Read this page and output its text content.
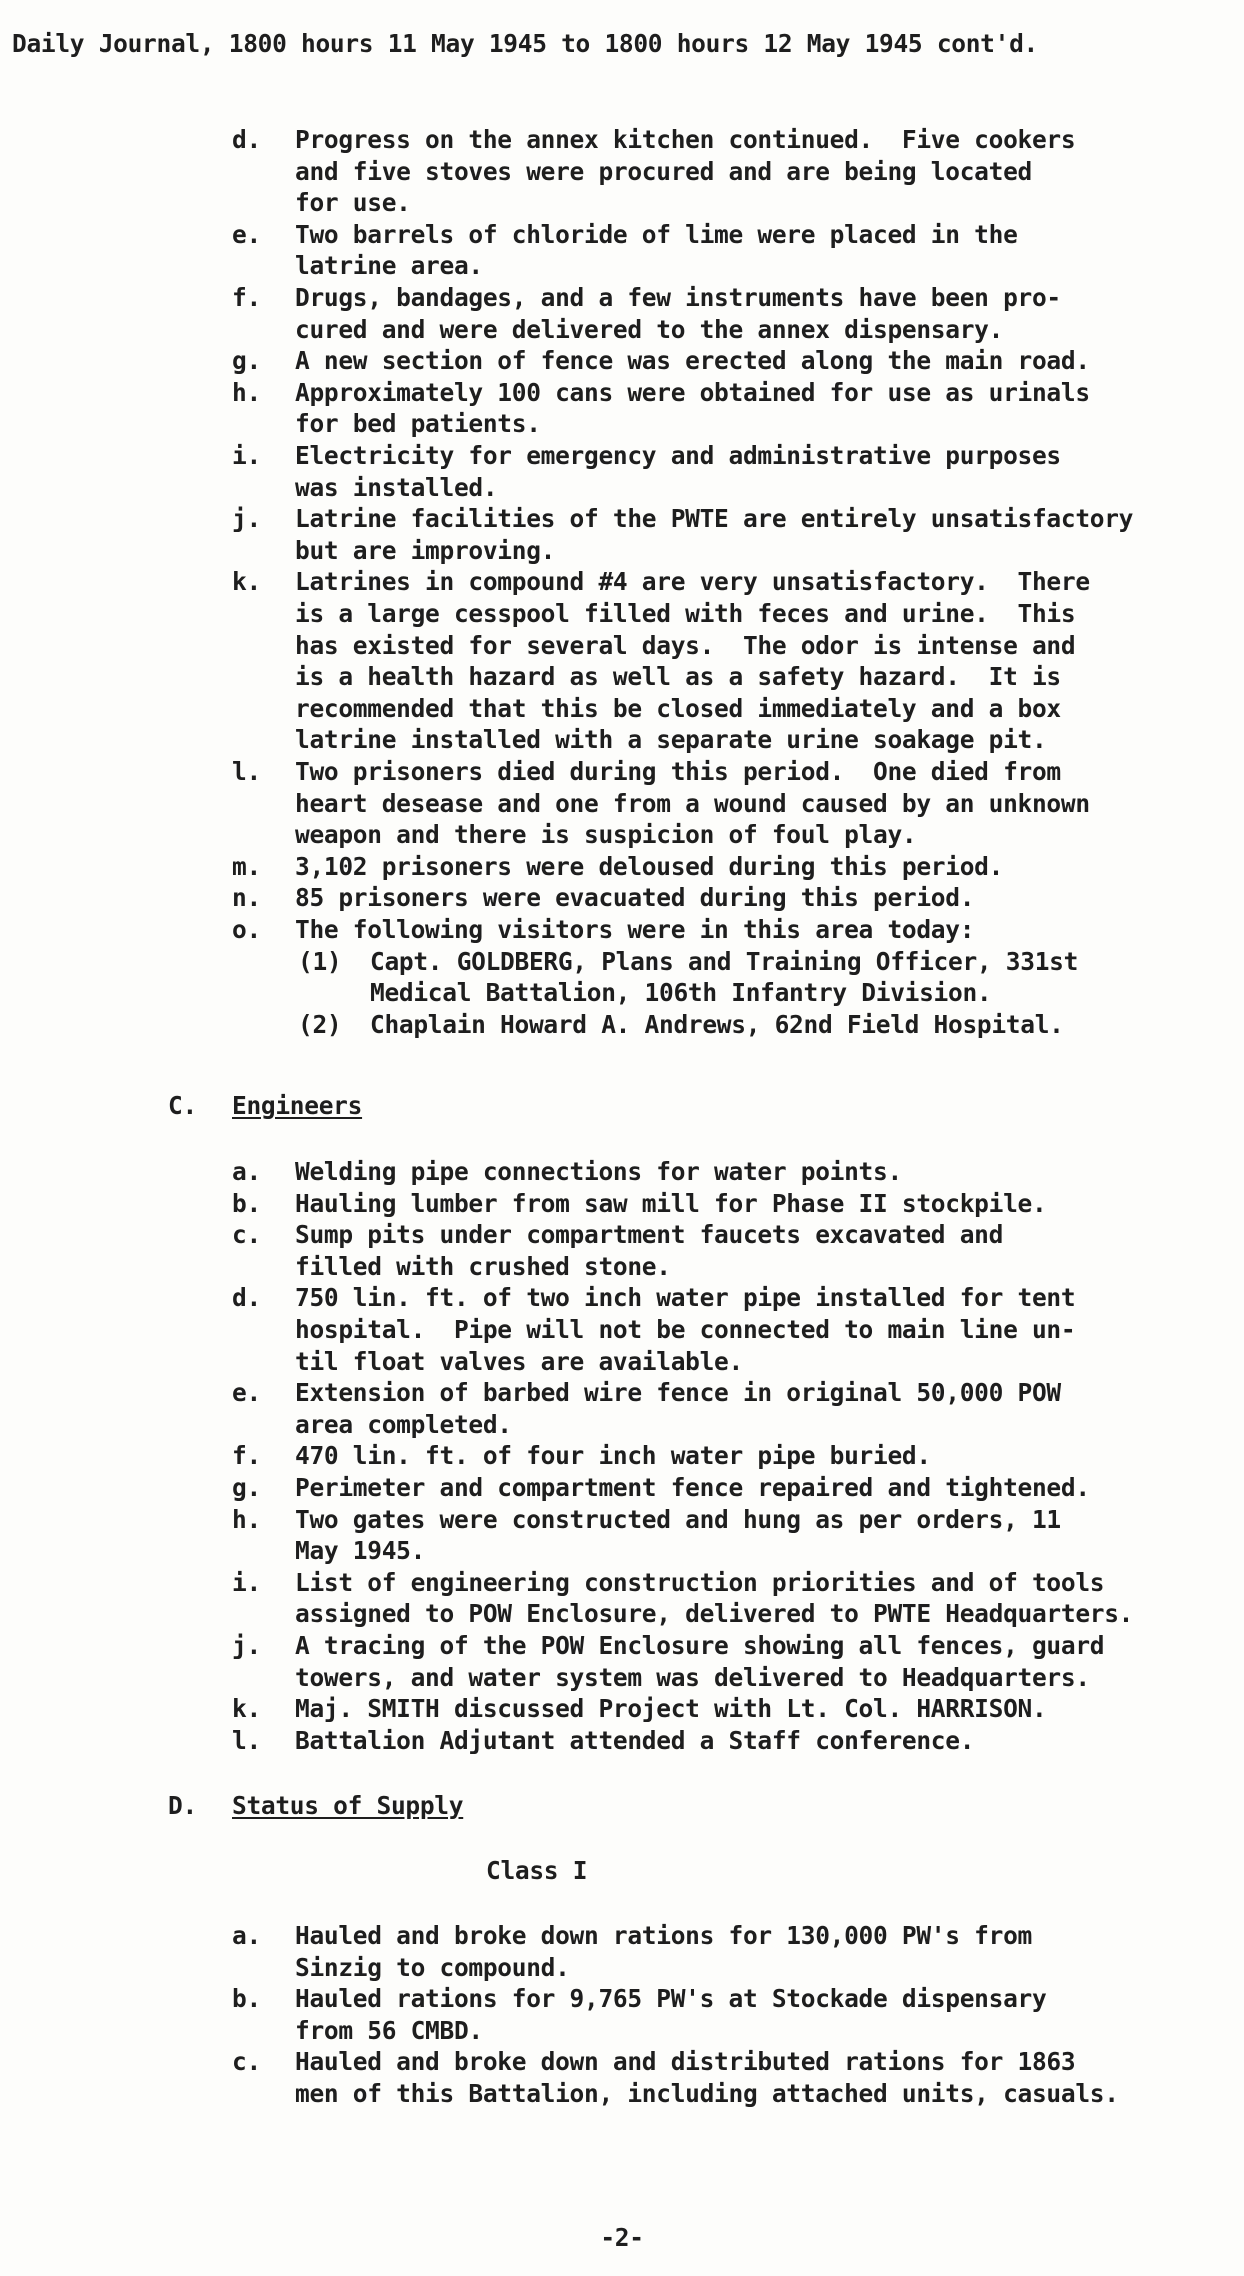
Daily Journal, 1800 hours 11 May 1945 to 1800 hours 12 May 1945 cont'd.
d. Progress on the annex kitchen continued.  Five cookers
and five stoves were procured and are being located
for use.
e. Two barrels of chloride of lime were placed in the
latrine area.
f. Drugs, bandages, and a few instruments have been pro-
cured and were delivered to the annex dispensary.
g. A new section of fence was erected along the main road.
h. Approximately 100 cans were obtained for use as urinals
for bed patients.
i. Electricity for emergency and administrative purposes
was installed.
j. Latrine facilities of the PWTE are entirely unsatisfactory
but are improving.
k. Latrines in compound #4 are very unsatisfactory.  There
is a large cesspool filled with feces and urine.  This
has existed for several days.  The odor is intense and
is a health hazard as well as a safety hazard.  It is
recommended that this be closed immediately and a box
latrine installed with a separate urine soakage pit.
l. Two prisoners died during this period.  One died from
heart desease and one from a wound caused by an unknown
weapon and there is suspicion of foul play.
m. 3,102 prisoners were deloused during this period.
n. 85 prisoners were evacuated during this period.
o. The following visitors were in this area today:
(1) Capt. GOLDBERG, Plans and Training Officer, 331st
Medical Battalion, 106th Infantry Division.
(2) Chaplain Howard A. Andrews, 62nd Field Hospital.
C. Engineers
a. Welding pipe connections for water points.
b. Hauling lumber from saw mill for Phase II stockpile.
c. Sump pits under compartment faucets excavated and
filled with crushed stone.
d. 750 lin. ft. of two inch water pipe installed for tent
hospital.  Pipe will not be connected to main line un-
til float valves are available.
e. Extension of barbed wire fence in original 50,000 POW
area completed.
f. 470 lin. ft. of four inch water pipe buried.
g. Perimeter and compartment fence repaired and tightened.
h. Two gates were constructed and hung as per orders, 11
May 1945.
i. List of engineering construction priorities and of tools
assigned to POW Enclosure, delivered to PWTE Headquarters.
j. A tracing of the POW Enclosure showing all fences, guard
towers, and water system was delivered to Headquarters.
k. Maj. SMITH discussed Project with Lt. Col. HARRISON.
l. Battalion Adjutant attended a Staff conference.
D. Status of Supply
Class I
a. Hauled and broke down rations for 130,000 PW's from
Sinzig to compound.
b. Hauled rations for 9,765 PW's at Stockade dispensary
from 56 CMBD.
c. Hauled and broke down and distributed rations for 1863
men of this Battalion, including attached units, casuals.
-2-
